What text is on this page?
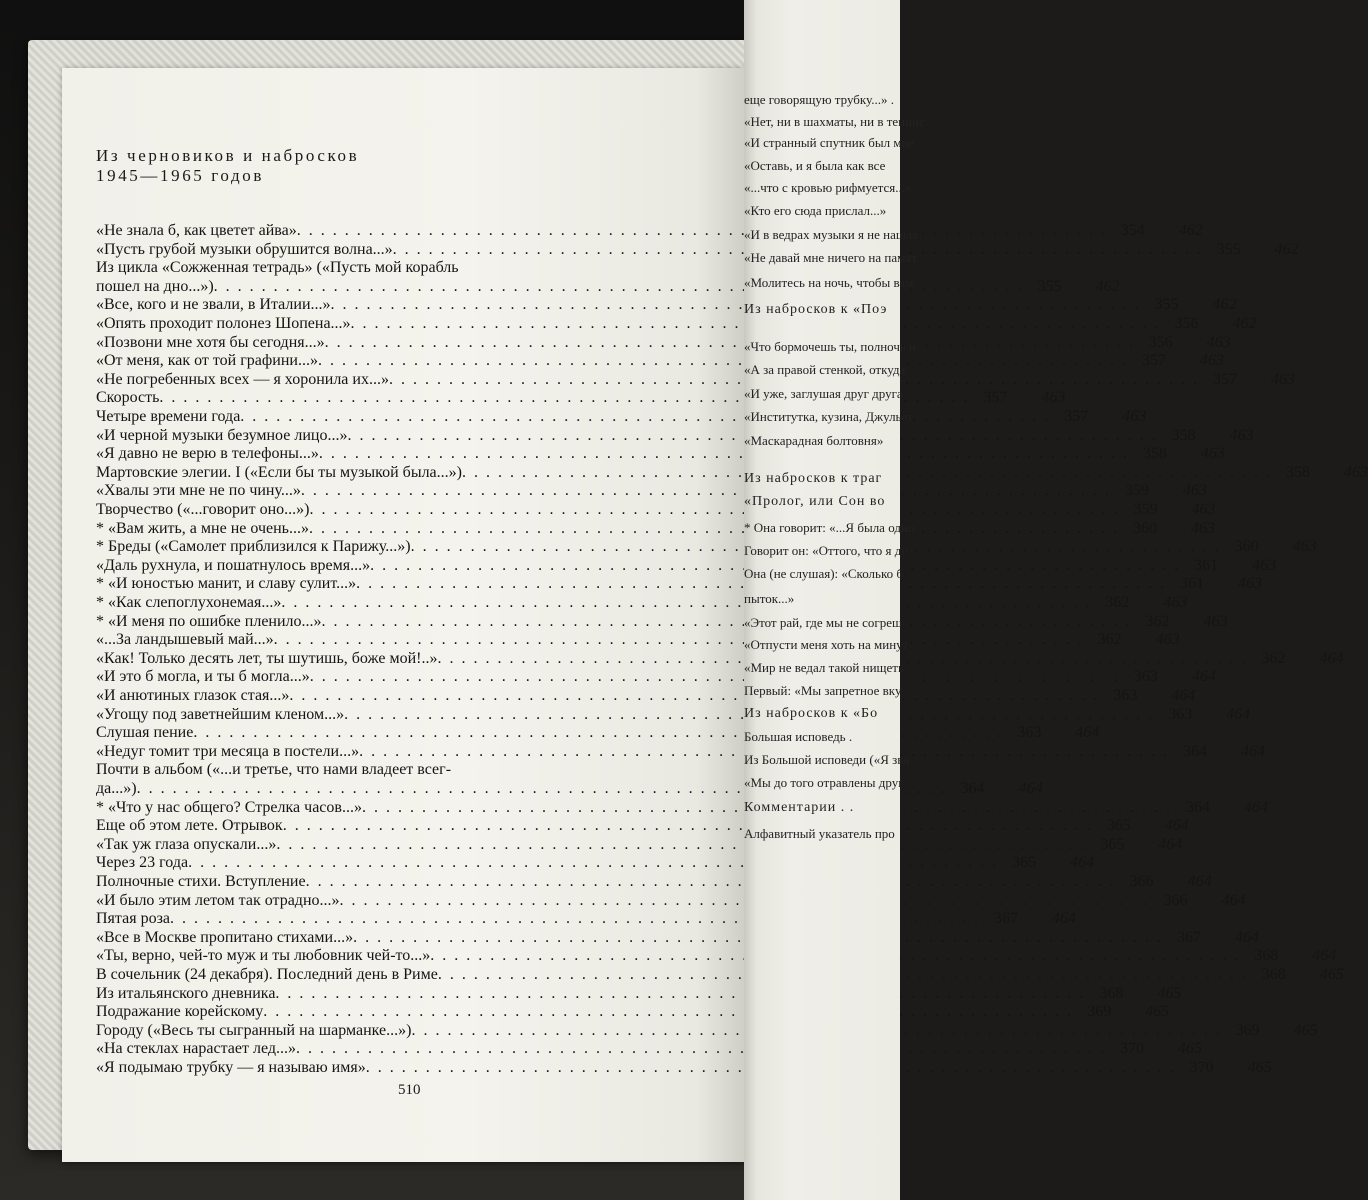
Из черновиков и набросков
1945—1965 годов
«Не знала б, как цветет айва» . . .	354	462
«Пусть грубой музыки обрушится волна...» . . .	355	462
Из цикла «Сожженная тетрадь» («Пусть мой корабль
пошел на дно...») . . .	355	462
«Все, кого и не звали, в Италии...» . . .	355	462
«Опять проходит полонез Шопена...» . . .	356	462
«Позвони мне хотя бы сегодня...» . . .	356	463
«От меня, как от той графини...» . . .	357	463
«Не погребенных всех — я хоронила их...» . . .	357	463
Скорость . . .	357	463
Четыре времени года . . .	357	463
«И черной музыки безумное лицо...» . . .	358	463
«Я давно не верю в телефоны...» . . .	358	463
Мартовские элегии. I («Если бы ты музыкой была...») . . .	358	463
«Хвалы эти мне не по чину...» . . .	359	463
Творчество («...говорит оно...») . . .	359	463
* «Вам жить, а мне не очень...» . . .	360	463
* Бреды («Самолет приблизился к Парижу...») . . .	360	463
«Даль рухнула, и пошатнулось время...» . . .	361	463
* «И юностью манит, и славу сулит...» . . .	361	463
* «Как слепоглухонемая...» . . .	362	463
* «И меня по ошибке пленило...» . . .	362	463
«...За ландышевый май...» . . .	362	463
«Как! Только десять лет, ты шутишь, боже мой!..» . . .	362	464
«И это б могла, и ты б могла...» . . .	363	464
«И анютиных глазок стая...» . . .	363	464
«Угощу под заветнейшим кленом...» . . .	363	464
Слушая пение . . .	363	464
«Недуг томит три месяца в постели...» . . .	364	464
Почти в альбом («...и третье, что нами владеет всег-
да...») . . .	364	464
* «Что у нас общего? Стрелка часов...» . . .	364	464
Еще об этом лете. Отрывок . . .	365	464
«Так уж глаза опускали...» . . .	365	464
Через 23 года . . .	365	464
Полночные стихи. Вступление . . .	366	464
«И было этим летом так отрадно...» . . .	366	464
Пятая роза . . .	367	464
«Все в Москве пропитано стихами...» . . .	367	464
«Ты, верно, чей-то муж и ты любовник чей-то...» . . .	368	464
В сочельник (24 декабря). Последний день в Риме . . .	368	465
Из итальянского дневника . . .	368	465
Подражание корейскому . . .	369	465
Городу («Весь ты сыгранный на шарманке...») . . .	369	465
«На стеклах нарастает лед...» . . .	370	465
«Я подымаю трубку — я называю имя» . . .	370	465
510
еще говорящую трубку...» .
«Нет, ни в шахматы, ни в теннис
«И странный спутник был мне
«Оставь, и я была как все
«...что с кровью рифмуется...»
«Кто его сюда прислал...»
«И в ведрах музыки я не нашла
«Не давай мне ничего на памят
«Молитесь на ночь, чтобы вам
Из набросков к «Поэ
«Что бормочешь ты, полночь н
«А за правой стенкой, откуда
«И уже, заглушая друг друга
«Институтка, кузина, Джульет
«Маскарадная болтовня»
Из набросков к траг
«Пролог, или Сон во
* Она говорит: «...Я была одно
Говорит он: «Оттого, что я де
Она (не слушая): «Сколько б
пыток...»
«Этот рай, где мы не согреш
«Отпусти меня хоть на минут
«Мир не ведал такой нищеть
Первый: «Мы запретное вку
Из набросков к «Бо
Большая исповедь .
Из Большой исповеди («Я зва
«Мы до того отравлены друг
Комментарии . .
Алфавитный указатель про
